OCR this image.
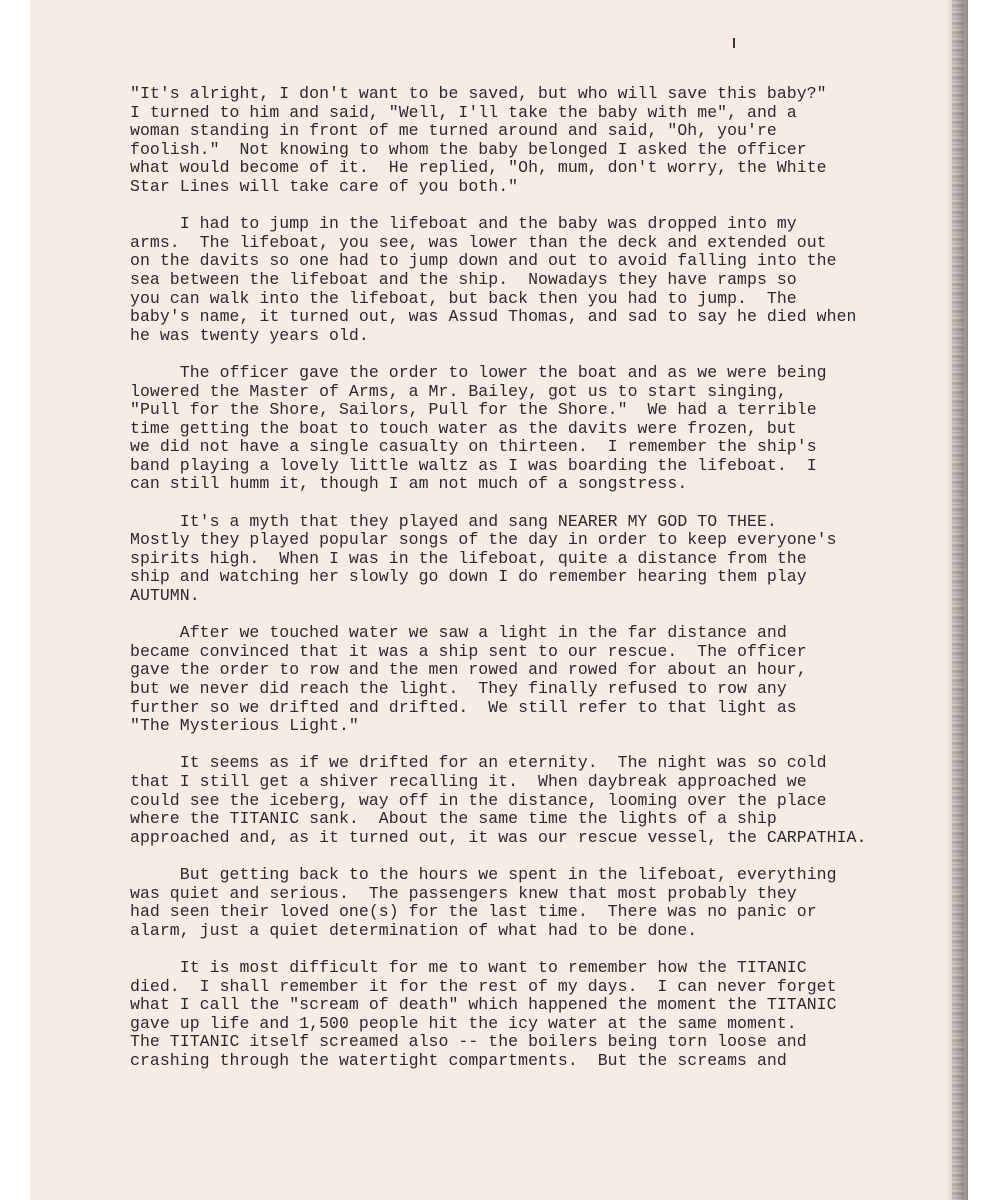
"It's alright, I don't want to be saved, but who will save this baby?"
I turned to him and said, "Well, I'll take the baby with me", and a
woman standing in front of me turned around and said, "Oh, you're
foolish."  Not knowing to whom the baby belonged I asked the officer
what would become of it.  He replied, "Oh, mum, don't worry, the White
Star Lines will take care of you both."

I had to jump in the lifeboat and the baby was dropped into my
arms.  The lifeboat, you see, was lower than the deck and extended out
on the davits so one had to jump down and out to avoid falling into the
sea between the lifeboat and the ship.  Nowadays they have ramps so
you can walk into the lifeboat, but back then you had to jump.  The
baby's name, it turned out, was Assud Thomas, and sad to say he died when
he was twenty years old.

The officer gave the order to lower the boat and as we were being
lowered the Master of Arms, a Mr. Bailey, got us to start singing,
"Pull for the Shore, Sailors, Pull for the Shore."  We had a terrible
time getting the boat to touch water as the davits were frozen, but
we did not have a single casualty on thirteen.  I remember the ship's
band playing a lovely little waltz as I was boarding the lifeboat.  I
can still humm it, though I am not much of a songstress.

It's a myth that they played and sang NEARER MY GOD TO THEE.
Mostly they played popular songs of the day in order to keep everyone's
spirits high.  When I was in the lifeboat, quite a distance from the
ship and watching her slowly go down I do remember hearing them play
AUTUMN.

After we touched water we saw a light in the far distance and
became convinced that it was a ship sent to our rescue.  The officer
gave the order to row and the men rowed and rowed for about an hour,
but we never did reach the light.  They finally refused to row any
further so we drifted and drifted.  We still refer to that light as
"The Mysterious Light."

It seems as if we drifted for an eternity.  The night was so cold
that I still get a shiver recalling it.  When daybreak approached we
could see the iceberg, way off in the distance, looming over the place
where the TITANIC sank.  About the same time the lights of a ship
approached and, as it turned out, it was our rescue vessel, the CARPATHIA.

But getting back to the hours we spent in the lifeboat, everything
was quiet and serious.  The passengers knew that most probably they
had seen their loved one(s) for the last time.  There was no panic or
alarm, just a quiet determination of what had to be done.

It is most difficult for me to want to remember how the TITANIC
died.  I shall remember it for the rest of my days.  I can never forget
what I call the "scream of death" which happened the moment the TITANIC
gave up life and 1,500 people hit the icy water at the same moment.
The TITANIC itself screamed also -- the boilers being torn loose and
crashing through the watertight compartments.  But the screams and
